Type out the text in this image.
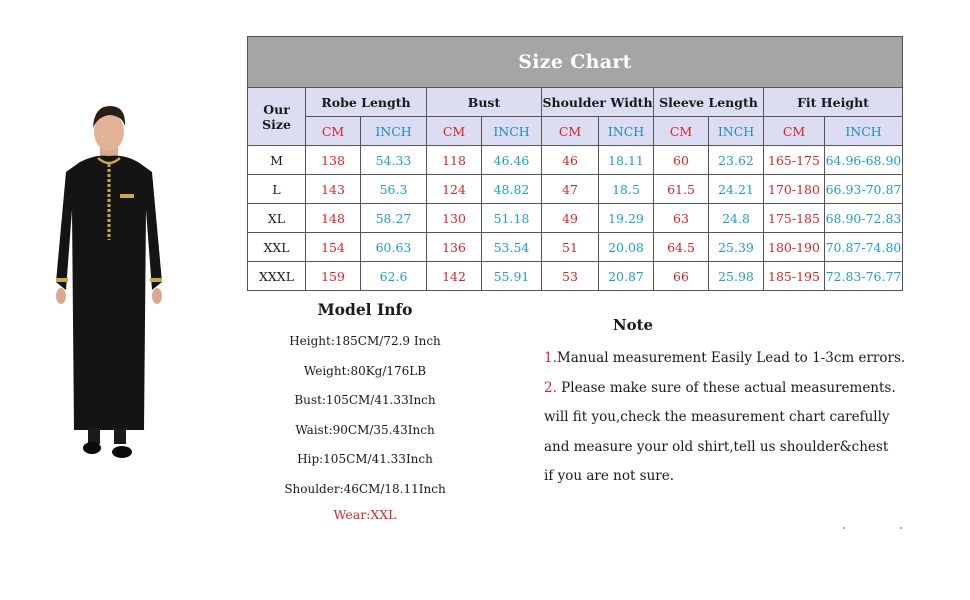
Size Chart										
Our Size	Robe Length		Bust		Shoulder Width		Sleeve Length		Fit Height	
	CM	INCH	CM	INCH	CM	INCH	CM	INCH	CM	INCH
M	138	54.33	118	46.46	46	18.11	60	23.62	165-175	64.96-68.90
L	143	56.3	124	48.82	47	18.5	61.5	24.21	170-180	66.93-70.87
XL	148	58.27	130	51.18	49	19.29	63	24.8	175-185	68.90-72.83
XXL	154	60.63	136	53.54	51	20.08	64.5	25.39	180-190	70.87-74.80
XXXL	159	62.6	142	55.91	53	20.87	66	25.98	185-195	72.83-76.77
Model Info
Height:185CM/72.9 Inch
Weight:80Kg/176LB
Bust:105CM/41.33Inch
Waist:90CM/35.43Inch
Hip:105CM/41.33Inch
Shoulder:46CM/18.11Inch
Wear:XXL
Note
1.Manual measurement Easily Lead to 1-3cm errors.
2. Please make sure of these actual measurements.
will fit you,check the measurement chart carefully
and measure your old shirt,tell us shoulder&chest
if you are not sure.
